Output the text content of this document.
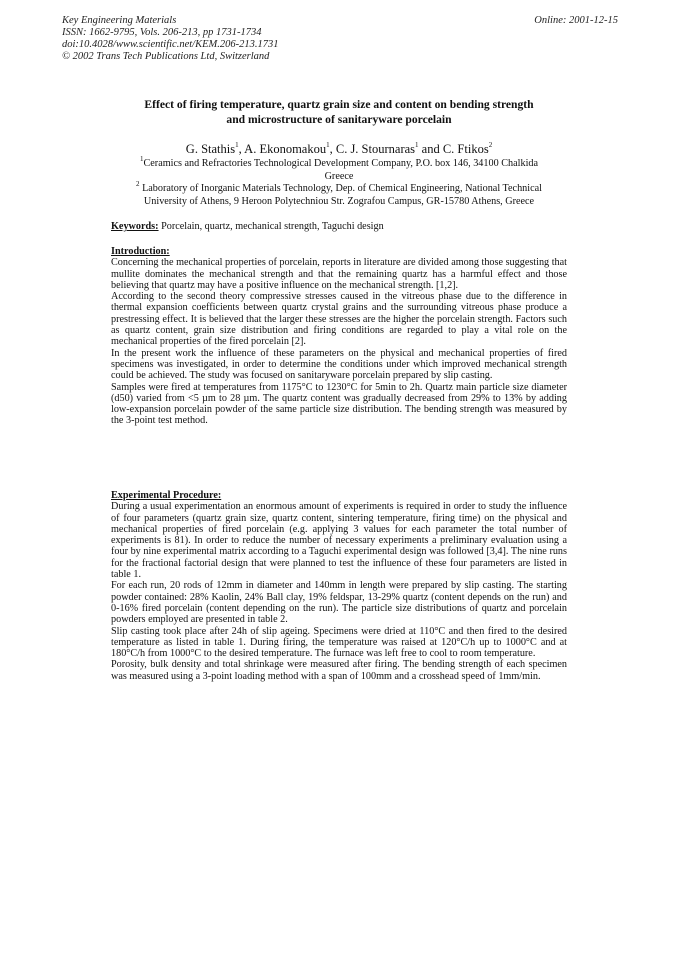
Key Engineering Materials
ISSN: 1662-9795, Vols. 206-213, pp 1731-1734
doi:10.4028/www.scientific.net/KEM.206-213.1731
© 2002 Trans Tech Publications Ltd, Switzerland
Online: 2001-12-15
Effect of firing temperature, quartz grain size and content on bending strength
and microstructure of sanitaryware porcelain
G. Stathis$^1$, A. Ekonomakou$^1$, C. J. Stournaras$^1$ and C. Ftikos$^2$
$^1$Ceramics and Refractories Technological Development Company, P.O. box 146, 34100 Chalkida
Greece
$^2$ Laboratory of Inorganic Materials Technology, Dep. of Chemical Engineering, National Technical
University of Athens, 9 Heroon Polytechniou Str. Zografou Campus, GR-15780 Athens, Greece
Keywords: Porcelain, quartz, mechanical strength, Taguchi design
Introduction:

Concerning the mechanical properties of porcelain, reports in literature are divided among those suggesting that mullite dominates the mechanical strength and that the remaining quartz has a harmful effect and those believing that quartz may have a positive influence on the mechanical strength. [1,2].

According to the second theory compressive stresses caused in the vitreous phase due to the difference in thermal expansion coefficients between quartz crystal grains and the surrounding vitreous phase produce a prestressing effect. It is believed that the larger these stresses are the higher the porcelain strength. Factors such as quartz content, grain size distribution and firing conditions are regarded to play a vital role on the mechanical properties of the fired porcelain [2].

In the present work the influence of these parameters on the physical and mechanical properties of fired specimens was investigated, in order to determine the conditions under which improved mechanical strength could be achieved. The study was focused on sanitaryware porcelain prepared by slip casting.

Samples were fired at temperatures from 1175°C to 1230°C for 5min to 2h. Quartz main particle size diameter (d50) varied from <5 µm to 28 µm. The quartz content was gradually decreased from 29% to 13% by adding low-expansion porcelain powder of the same particle size distribution. The bending strength was measured by the 3-point test method.

Experimental Procedure:

During a usual experimentation an enormous amount of experiments is required in order to study the influence of four parameters (quartz grain size, quartz content, sintering temperature, firing time) on the physical and mechanical properties of fired porcelain (e.g. applying 3 values for each parameter the total number of experiments is 81). In order to reduce the number of necessary experiments a preliminary evaluation using a four by nine experimental matrix according to a Taguchi experimental design was followed [3,4]. The nine runs for the fractional factorial design that were planned to test the influence of these four parameters are listed in table 1.

For each run, 20 rods of 12mm in diameter and 140mm in length were prepared by slip casting. The starting powder contained: 28% Kaolin, 24% Ball clay, 19% feldspar, 13-29% quartz (content depends on the run) and 0-16% fired porcelain (content depending on the run). The particle size distributions of quartz and porcelain powders employed are presented in table 2.

Slip casting took place after 24h of slip ageing. Specimens were dried at 110°C and then fired to the desired temperature as listed in table 1. During firing, the temperature was raised at 120°C/h up to 1000°C and at 180°C/h from 1000°C to the desired temperature. The furnace was left free to cool to room temperature.

Porosity, bulk density and total shrinkage were measured after firing. The bending strength of each specimen was measured using a 3-point loading method with a span of 100mm and a crosshead speed of 1mm/min.
